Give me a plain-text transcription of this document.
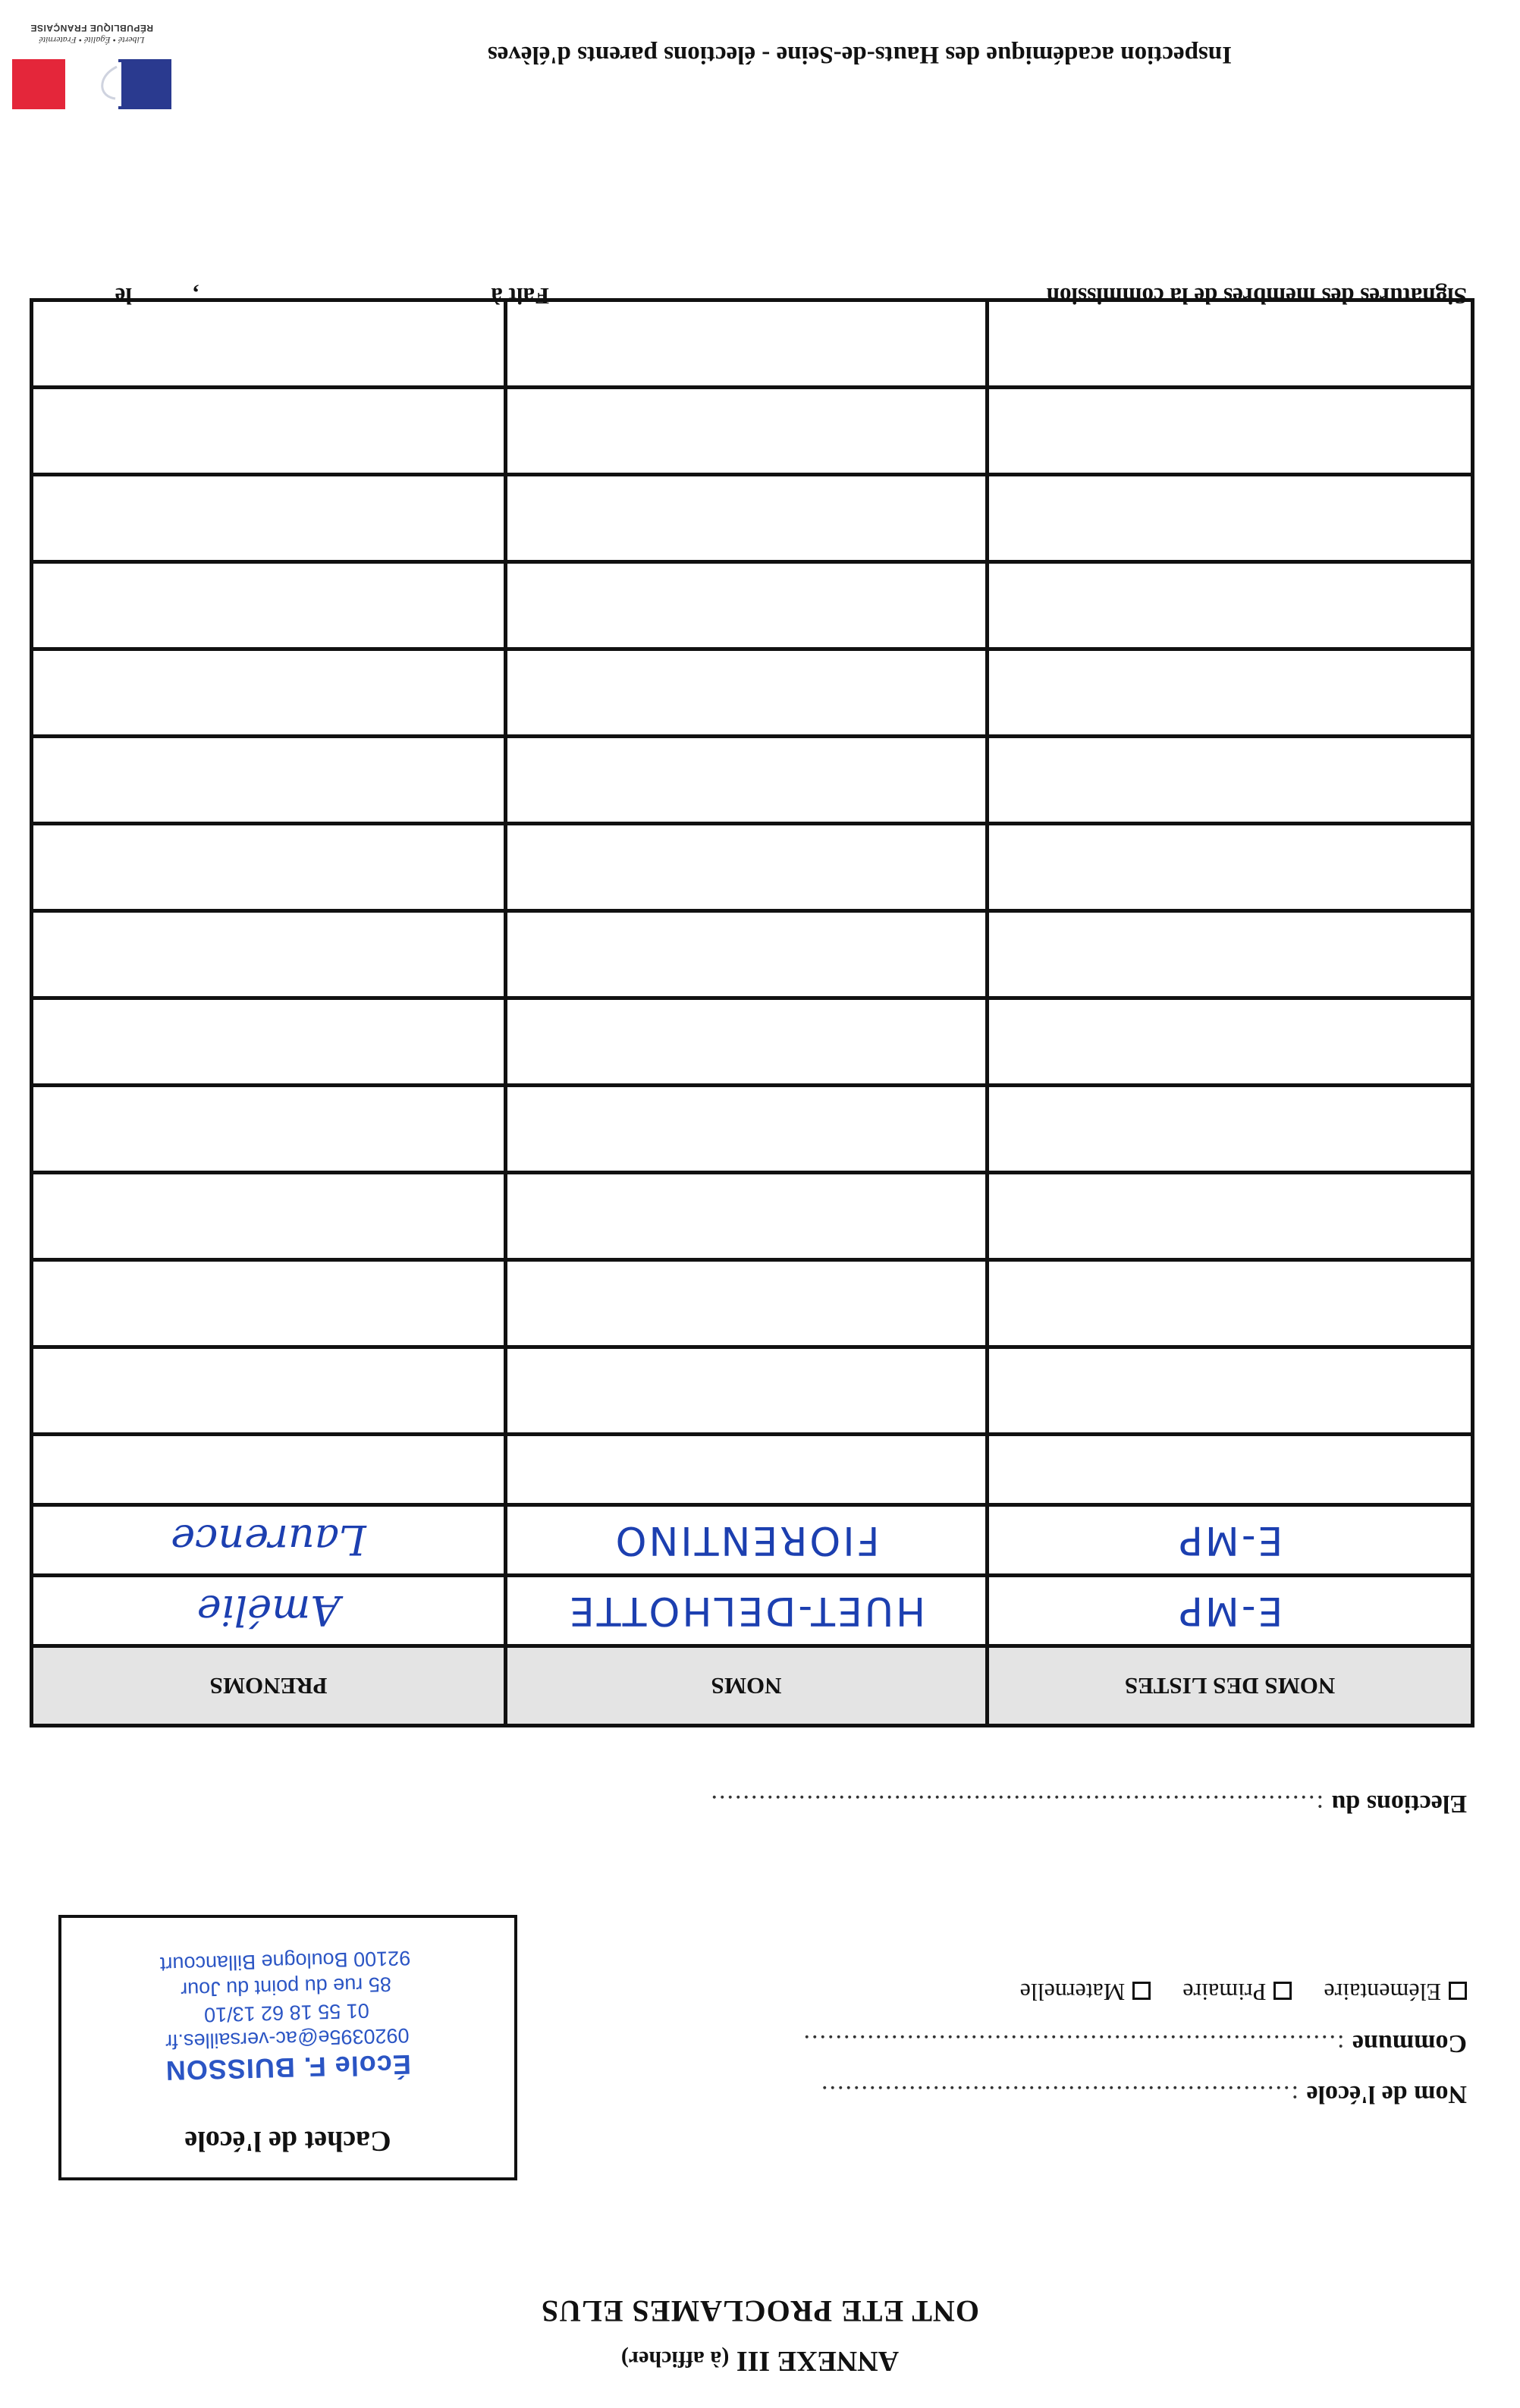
ANNEXE III (à afficher)
ONT ETE PROCLAMES ELUS
Nom de l'école :...........................................................
Commune :...................................................................
Elémentaire Primaire Maternelle
Elections du :............................................................................
Cachet de l'école
École F. BUISSON
0920395e@ac-versailles.fr
01 55 18 62 13/10
85 rue du point du Jour
92100 Boulogne Billancourt
NOMS DES LISTES	NOMS	PRENOMS
E-MP	HUET-DELHOTTE	Amélie
E-MP	FIORENTINO	Laurence

Signatures des membres de la commission
Fait à
,
le
Inspection académique des Hauts-de-Seine - élections parents d'élèves
Liberté • Égalité • Fraternité
RÉPUBLIQUE FRANÇAISE
